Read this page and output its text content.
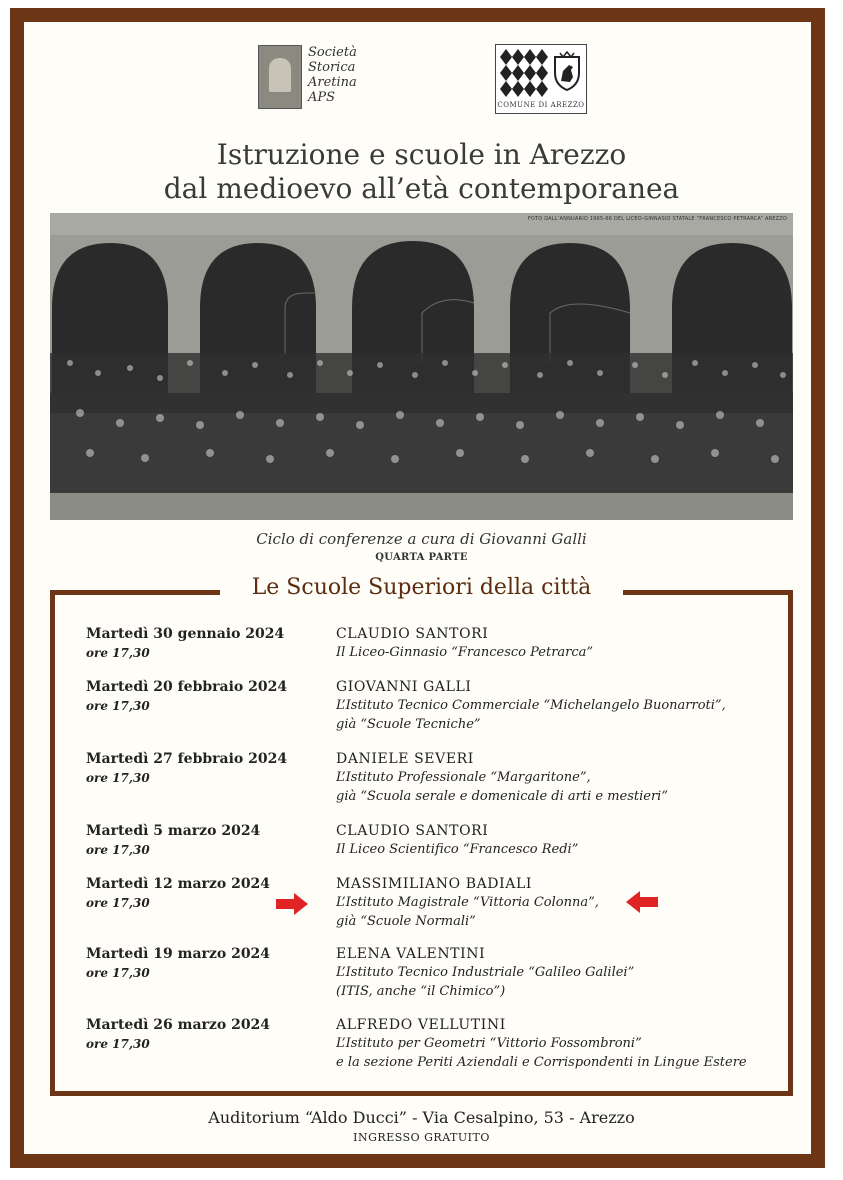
Società
Storica
Aretina
APS	COMUNE DI AREZZO
Istruzione e scuole in Arezzo
dal medioevo all’età contemporanea
FOTO DALL’ANNUARIO 1965-66 DEL LICEO-GINNASIO STATALE “FRANCESCO PETRARCA” AREZZO
Ciclo di conferenze a cura di Giovanni Galli
QUARTA PARTE
Le Scuole Superiori della città
Martedì 30 gennaio 2024
ore 17,30
CLAUDIO SANTORI
Il Liceo-Ginnasio “Francesco Petrarca”
Martedì 20 febbraio 2024
ore 17,30
GIOVANNI GALLI
L’Istituto Tecnico Commerciale “Michelangelo Buonarroti”,
già “Scuole Tecniche”
Martedì 27 febbraio 2024
ore 17,30
DANIELE SEVERI
L’Istituto Professionale “Margaritone”,
già “Scuola serale e domenicale di arti e mestieri”
Martedì 5 marzo 2024
ore 17,30
CLAUDIO SANTORI
Il Liceo Scientifico “Francesco Redi”
Martedì 12 marzo 2024
ore 17,30
MASSIMILIANO BADIALI
L’Istituto Magistrale “Vittoria Colonna”,
già “Scuole Normali”
Martedì 19 marzo 2024
ore 17,30
ELENA VALENTINI
L’Istituto Tecnico Industriale “Galileo Galilei”
(ITIS, anche “il Chimico”)
Martedì 26 marzo 2024
ore 17,30
ALFREDO VELLUTINI
L’Istituto per Geometri “Vittorio Fossombroni”
e la sezione Periti Aziendali e Corrispondenti in Lingue Estere
Auditorium “Aldo Ducci” - Via Cesalpino, 53 - Arezzo
INGRESSO GRATUITO
